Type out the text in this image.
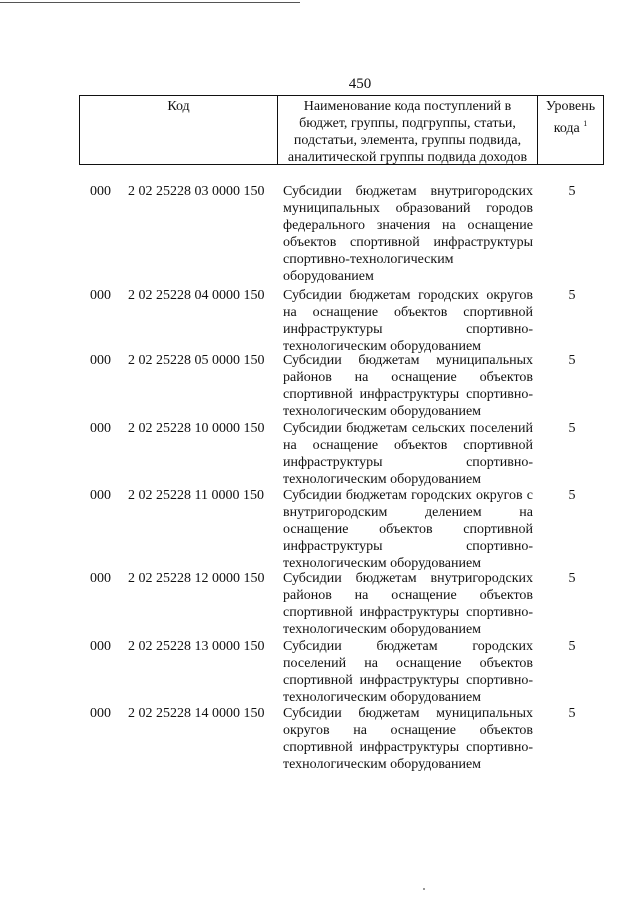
450
Код	Наименование кода поступлений в бюджет, группы, подгруппы, статьи, подстатьи, элемента, группы подвида, аналитической группы подвида доходов
Уровень кода $^1$
000 2 02 25228 03 0000 150 Субсидии бюджетам внутригородских муниципальных образований городов федерального значения на оснащение объектов спортивной инфраструктуры спортивно-технологическим оборудованием
5
000 2 02 25228 04 0000 150 Субсидии бюджетам городских округов на оснащение объектов спортивной инфраструктуры спортивно-технологическим оборудованием
5
000 2 02 25228 05 0000 150 Субсидии бюджетам муниципальных районов на оснащение объектов спортивной инфраструктуры спортивно-технологическим оборудованием
5
000 2 02 25228 10 0000 150 Субсидии бюджетам сельских поселений на оснащение объектов спортивной инфраструктуры спортивно-технологическим оборудованием
5
000 2 02 25228 11 0000 150 Субсидии бюджетам городских округов с внутригородским делением на оснащение объектов спортивной инфраструктуры спортивно-технологическим оборудованием
5
000 2 02 25228 12 0000 150 Субсидии бюджетам внутригородских районов на оснащение объектов спортивной инфраструктуры спортивно-технологическим оборудованием
5
000 2 02 25228 13 0000 150 Субсидии бюджетам городских поселений на оснащение объектов спортивной инфраструктуры спортивно-технологическим оборудованием
5
000 2 02 25228 14 0000 150 Субсидии бюджетам муниципальных округов на оснащение объектов спортивной инфраструктуры спортивно-технологическим оборудованием
5
